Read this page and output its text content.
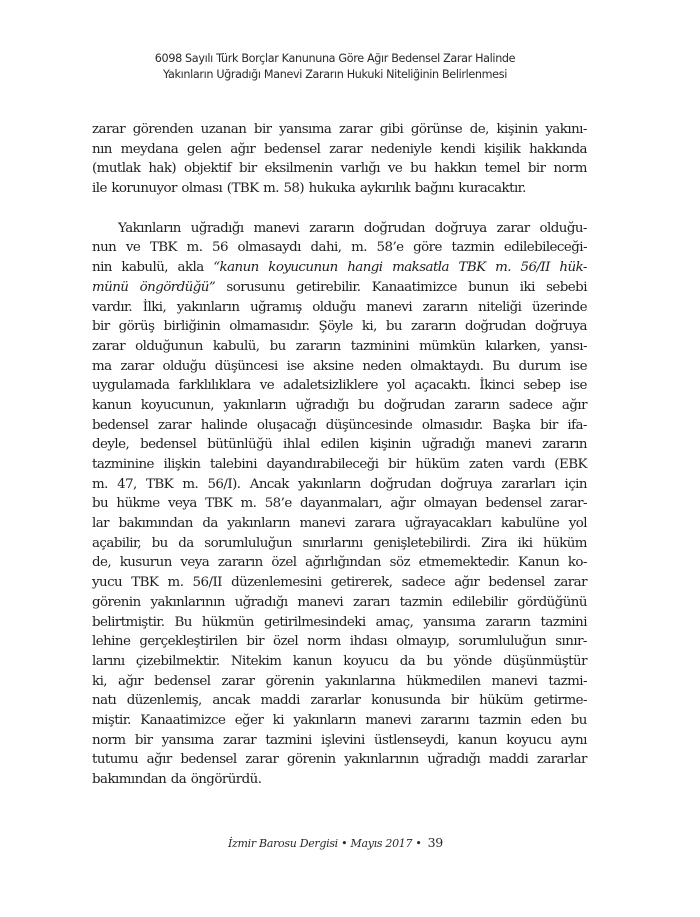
6098 Sayılı Türk Borçlar Kanununa Göre Ağır Bedensel Zarar Halinde
Yakınların Uğradığı Manevi Zararın Hukuki Niteliğinin Belirlenmesi
zarar görenden uzanan bir yansıma zarar gibi görünse de, kişinin yakını-
nın meydana gelen ağır bedensel zarar nedeniyle kendi kişilik hakkında
(mutlak hak) objektif bir eksilmenin varlığı ve bu hakkın temel bir norm
ile korunuyor olması (TBK m. 58) hukuka aykırılık bağını kuracaktır.
Yakınların uğradığı manevi zararın doğrudan doğruya zarar olduğu-
nun ve TBK m. 56 olmasaydı dahi, m. 58’e göre tazmin edilebileceği-
nin kabulü, akla “kanun koyucunun hangi maksatla TBK m. 56/II hük-
münü öngördüğü” sorusunu getirebilir. Kanaatimizce bunun iki sebebi
vardır. İlki, yakınların uğramış olduğu manevi zararın niteliği üzerinde
bir görüş birliğinin olmamasıdır. Şöyle ki, bu zararın doğrudan doğruya
zarar olduğunun kabulü, bu zararın tazminini mümkün kılarken, yansı-
ma zarar olduğu düşüncesi ise aksine neden olmaktaydı. Bu durum ise
uygulamada farklılıklara ve adaletsizliklere yol açacaktı. İkinci sebep ise
kanun koyucunun, yakınların uğradığı bu doğrudan zararın sadece ağır
bedensel zarar halinde oluşacağı düşüncesinde olmasıdır. Başka bir ifa-
deyle, bedensel bütünlüğü ihlal edilen kişinin uğradığı manevi zararın
tazminine ilişkin talebini dayandırabileceği bir hüküm zaten vardı (EBK
m. 47, TBK m. 56/I). Ancak yakınların doğrudan doğruya zararları için
bu hükme veya TBK m. 58’e dayanmaları, ağır olmayan bedensel zarar-
lar bakımından da yakınların manevi zarara uğrayacakları kabulüne yol
açabilir, bu da sorumluluğun sınırlarını genişletebilirdi. Zira iki hüküm
de, kusurun veya zararın özel ağırlığından söz etmemektedir. Kanun ko-
yucu TBK m. 56/II düzenlemesini getirerek, sadece ağır bedensel zarar
görenin yakınlarının uğradığı manevi zararı tazmin edilebilir gördüğünü
belirtmiştir. Bu hükmün getirilmesindeki amaç, yansıma zararın tazmini
lehine gerçekleştirilen bir özel norm ihdası olmayıp, sorumluluğun sınır-
larını çizebilmektir. Nitekim kanun koyucu da bu yönde düşünmüştür
ki, ağır bedensel zarar görenin yakınlarına hükmedilen manevi tazmi-
natı düzenlemiş, ancak maddi zararlar konusunda bir hüküm getirme-
miştir. Kanaatimizce eğer ki yakınların manevi zararını tazmin eden bu
norm bir yansıma zarar tazmini işlevini üstlenseydi, kanun koyucu aynı
tutumu ağır bedensel zarar görenin yakınlarının uğradığı maddi zararlar
bakımından da öngörürdü.
İzmir Barosu Dergisi • Mayıs 2017 • 39
